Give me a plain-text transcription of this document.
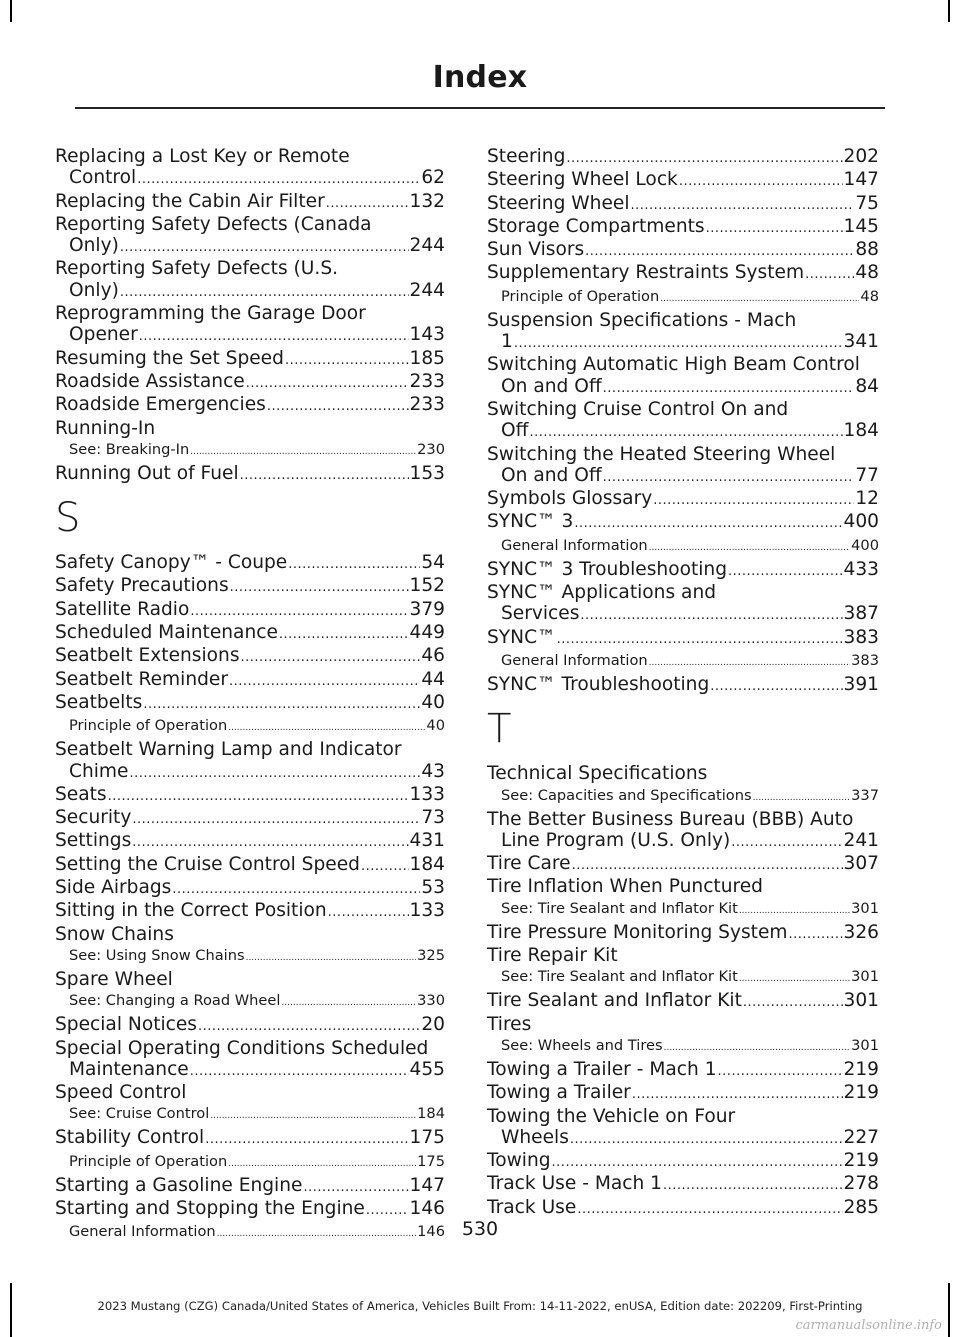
Index
Replacing a Lost Key or Remote
Control .....	62
Replacing the Cabin Air Filter .....	132
Reporting Safety Defects (Canada
Only) .....	244
Reporting Safety Defects (U.S.
Only) .....	244
Reprogramming the Garage Door
Opener .....	143
Resuming the Set Speed .....	185
Roadside Assistance .....	233
Roadside Emergencies .....	233
Running-In
See: Breaking-In .....	230
Running Out of Fuel .....	153
S
Safety Canopy™ - Coupe .....	54
Safety Precautions .....	152
Satellite Radio .....	379
Scheduled Maintenance .....	449
Seatbelt Extensions .....	46
Seatbelt Reminder .....	44
Seatbelts .....	40
Principle of Operation .....	40
Seatbelt Warning Lamp and Indicator
Chime .....	43
Seats .....	133
Security .....	73
Settings .....	431
Setting the Cruise Control Speed .....	184
Side Airbags .....	53
Sitting in the Correct Position .....	133
Snow Chains
See: Using Snow Chains .....	325
Spare Wheel
See: Changing a Road Wheel .....	330
Special Notices .....	20
Special Operating Conditions Scheduled
Maintenance .....	455
Speed Control
See: Cruise Control .....	184
Stability Control .....	175
Principle of Operation .....	175
Starting a Gasoline Engine .....	147
Starting and Stopping the Engine ..... 146
General Information .....	146
Steering .....	202
Steering Wheel Lock .....	147
Steering Wheel .....	75
Storage Compartments .....	145
Sun Visors .....	88
Supplementary Restraints System .....	48
Principle of Operation .....	48
Suspension Specifications - Mach
1 .....	341
Switching Automatic High Beam Control
On and Off .....	84
Switching Cruise Control On and
Off .....	184
Switching the Heated Steering Wheel
On and Off .....	77
Symbols Glossary .....	12
SYNC™ 3 .....	400
General Information .....	400
SYNC™ 3 Troubleshooting .....	433
SYNC™ Applications and
Services .....	387
SYNC™ .....	383
General Information .....	383
SYNC™ Troubleshooting .....	391
T
Technical Specifications
See: Capacities and Specifications .....	337
The Better Business Bureau (BBB) Auto
Line Program (U.S. Only) .....	241
Tire Care .....	307
Tire Inflation When Punctured
See: Tire Sealant and Inflator Kit .....	301
Tire Pressure Monitoring System .....	326
Tire Repair Kit
See: Tire Sealant and Inflator Kit .....	301
Tire Sealant and Inflator Kit .....	301
Tires
See: Wheels and Tires .....	301
Towing a Trailer - Mach 1 .....	219
Towing a Trailer .....	219
Towing the Vehicle on Four
Wheels .....	227
Towing .....	219
Track Use - Mach 1 .....	278
Track Use .....	285
530
2023 Mustang (CZG) Canada/United States of America, Vehicles Built From: 14-11-2022, enUSA, Edition date: 202209, First-Printing
carmanualsonline.info
